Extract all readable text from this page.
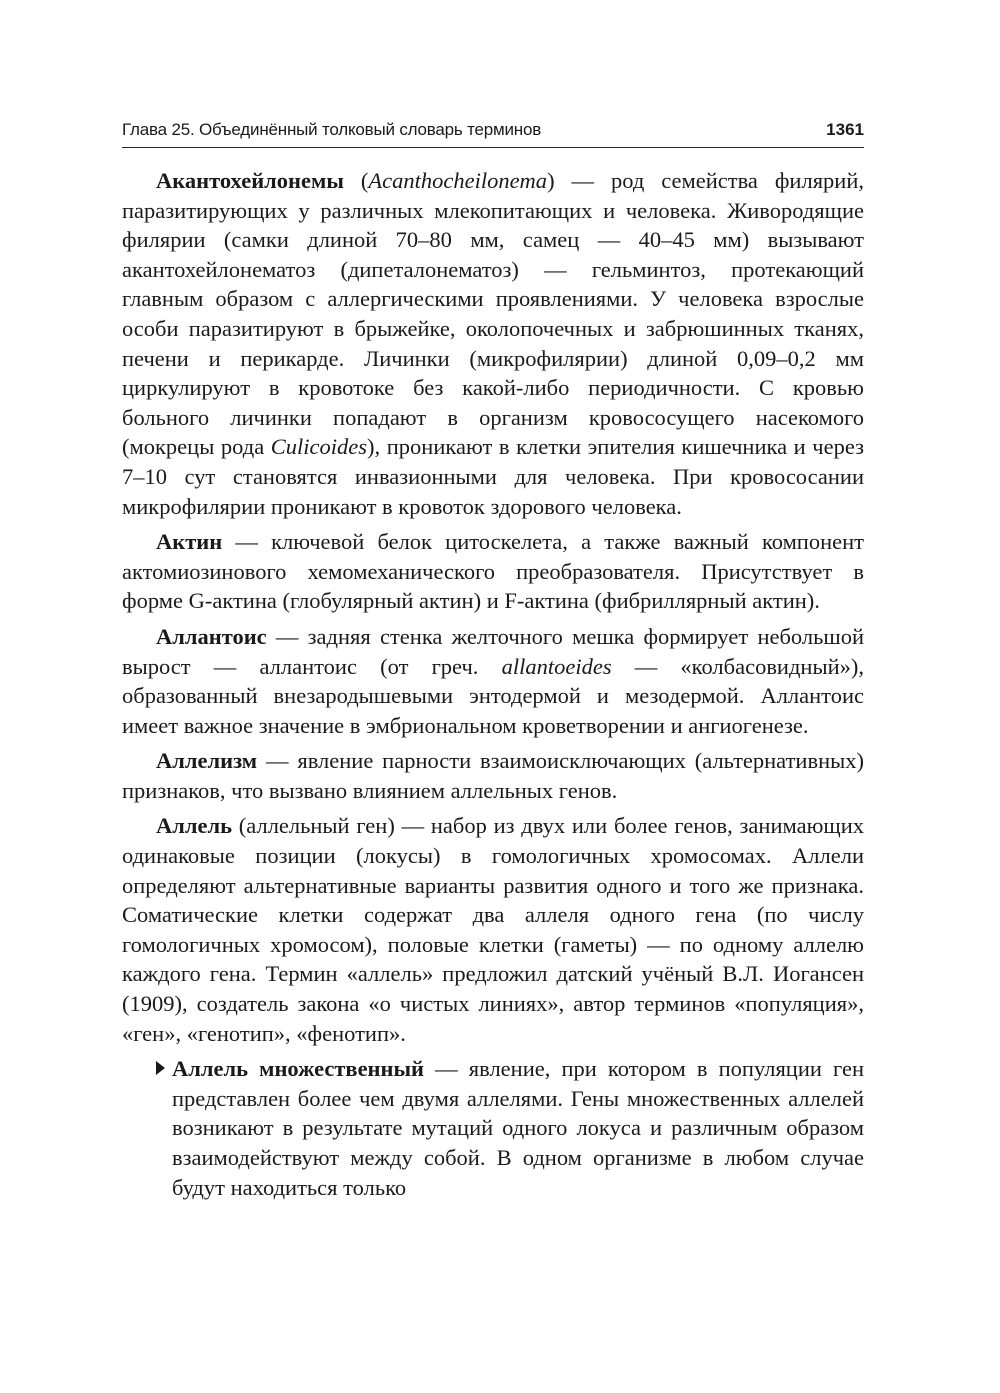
Глава 25. Объединённый толковый словарь терминов	1361

Акантохейлонемы (Acanthocheilonema) — род семейства филярий, паразитирующих у различных млекопитающих и человека. Живородящие филярии (самки длиной 70–80 мм, самец — 40–45 мм) вызывают акантохейлонематоз (дипеталонематоз) — гельминтоз, протекающий главным образом с аллергическими проявлениями. У человека взрослые особи паразитируют в брыжейке, околопочечных и забрюшинных тканях, печени и перикарде. Личинки (микрофилярии) длиной 0,09–0,2 мм циркулируют в кровотоке без какой-либо периодичности. С кровью больного личинки попадают в организм кровососущего насекомого (мокрецы рода Culicoides), проникают в клетки эпителия кишечника и через 7–10 сут становятся инвазионными для человека. При кровососании микрофилярии проникают в кровоток здорового человека.

Актин — ключевой белок цитоскелета, а также важный компонент актомиозинового хемомеханического преобразователя. Присутствует в форме G-актина (глобулярный актин) и F-актина (фибриллярный актин).

Аллантоис — задняя стенка желточного мешка формирует небольшой вырост — аллантоис (от греч. allantoeides — «колбасовидный»), образованный внезародышевыми энтодермой и мезодермой. Аллантоис имеет важное значение в эмбриональном кроветворении и ангиогенезе.

Аллелизм — явление парности взаимоисключающих (альтернативных) признаков, что вызвано влиянием аллельных генов.

Аллель (аллельный ген) — набор из двух или более генов, занимающих одинаковые позиции (локусы) в гомологичных хромосомах. Аллели определяют альтернативные варианты развития одного и того же признака. Соматические клетки содержат два аллеля одного гена (по числу гомологичных хромосом), половые клетки (гаметы) — по одному аллелю каждого гена. Термин «аллель» предложил датский учёный В.Л. Иогансен (1909), создатель закона «о чистых линиях», автор терминов «популяция», «ген», «генотип», «фенотип».

Аллель множественный — явление, при котором в популяции ген представлен более чем двумя аллелями. Гены множественных аллелей возникают в результате мутаций одного локуса и различным образом взаимодействуют между собой. В одном организме в любом случае будут находиться только
